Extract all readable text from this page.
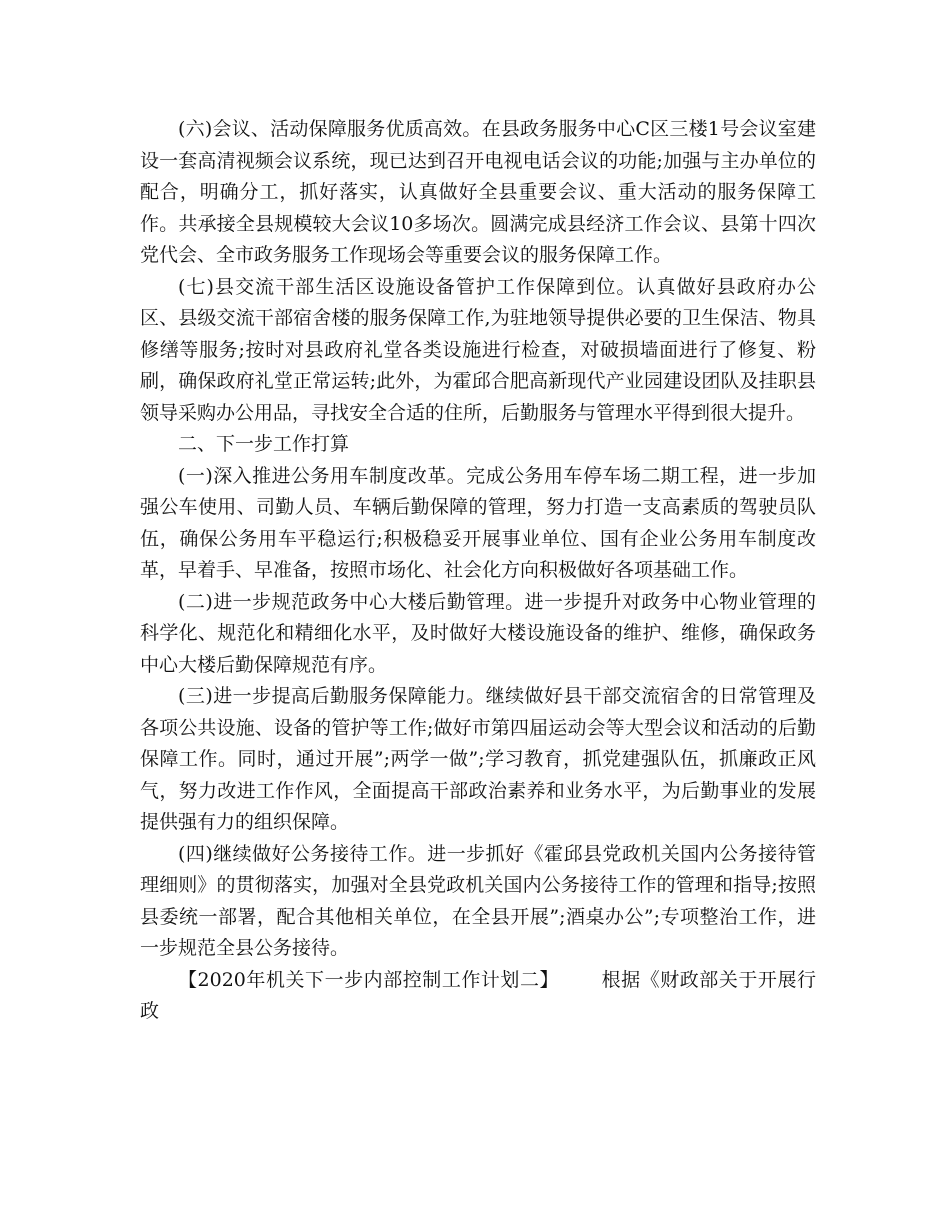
(六)会议、活动保障服务优质高效。在县政务服务中心C区三楼1号会议室建设一套高清视频会议系统，现已达到召开电视电话会议的功能;加强与主办单位的配合，明确分工，抓好落实，认真做好全县重要会议、重大活动的服务保障工作。共承接全县规模较大会议10多场次。圆满完成县经济工作会议、县第十四次党代会、全市政务服务工作现场会等重要会议的服务保障工作。

(七)县交流干部生活区设施设备管护工作保障到位。认真做好县政府办公区、县级交流干部宿舍楼的服务保障工作,为驻地领导提供必要的卫生保洁、物具修缮等服务;按时对县政府礼堂各类设施进行检查，对破损墙面进行了修复、粉刷，确保政府礼堂正常运转;此外，为霍邱合肥高新现代产业园建设团队及挂职县领导采购办公用品，寻找安全合适的住所，后勤服务与管理水平得到很大提升。

二、下一步工作打算

(一)深入推进公务用车制度改革。完成公务用车停车场二期工程，进一步加强公车使用、司勤人员、车辆后勤保障的管理，努力打造一支高素质的驾驶员队伍，确保公务用车平稳运行;积极稳妥开展事业单位、国有企业公务用车制度改革，早着手、早准备，按照市场化、社会化方向积极做好各项基础工作。

(二)进一步规范政务中心大楼后勤管理。进一步提升对政务中心物业管理的科学化、规范化和精细化水平，及时做好大楼设施设备的维护、维修，确保政务中心大楼后勤保障规范有序。

(三)进一步提高后勤服务保障能力。继续做好县干部交流宿舍的日常管理及各项公共设施、设备的管护等工作;做好市第四届运动会等大型会议和活动的后勤保障工作。同时，通过开展”;两学一做”;学习教育，抓党建强队伍，抓廉政正风气，努力改进工作作风，全面提高干部政治素养和业务水平，为后勤事业的发展提供强有力的组织保障。

(四)继续做好公务接待工作。进一步抓好《霍邱县党政机关国内公务接待管理细则》的贯彻落实，加强对全县党政机关国内公务接待工作的管理和指导;按照县委统一部署，配合其他相关单位，在全县开展”;酒桌办公”;专项整治工作，进一步规范全县公务接待。

【2020年机关下一步内部控制工作计划二】 根据《财政部关于开展行政
